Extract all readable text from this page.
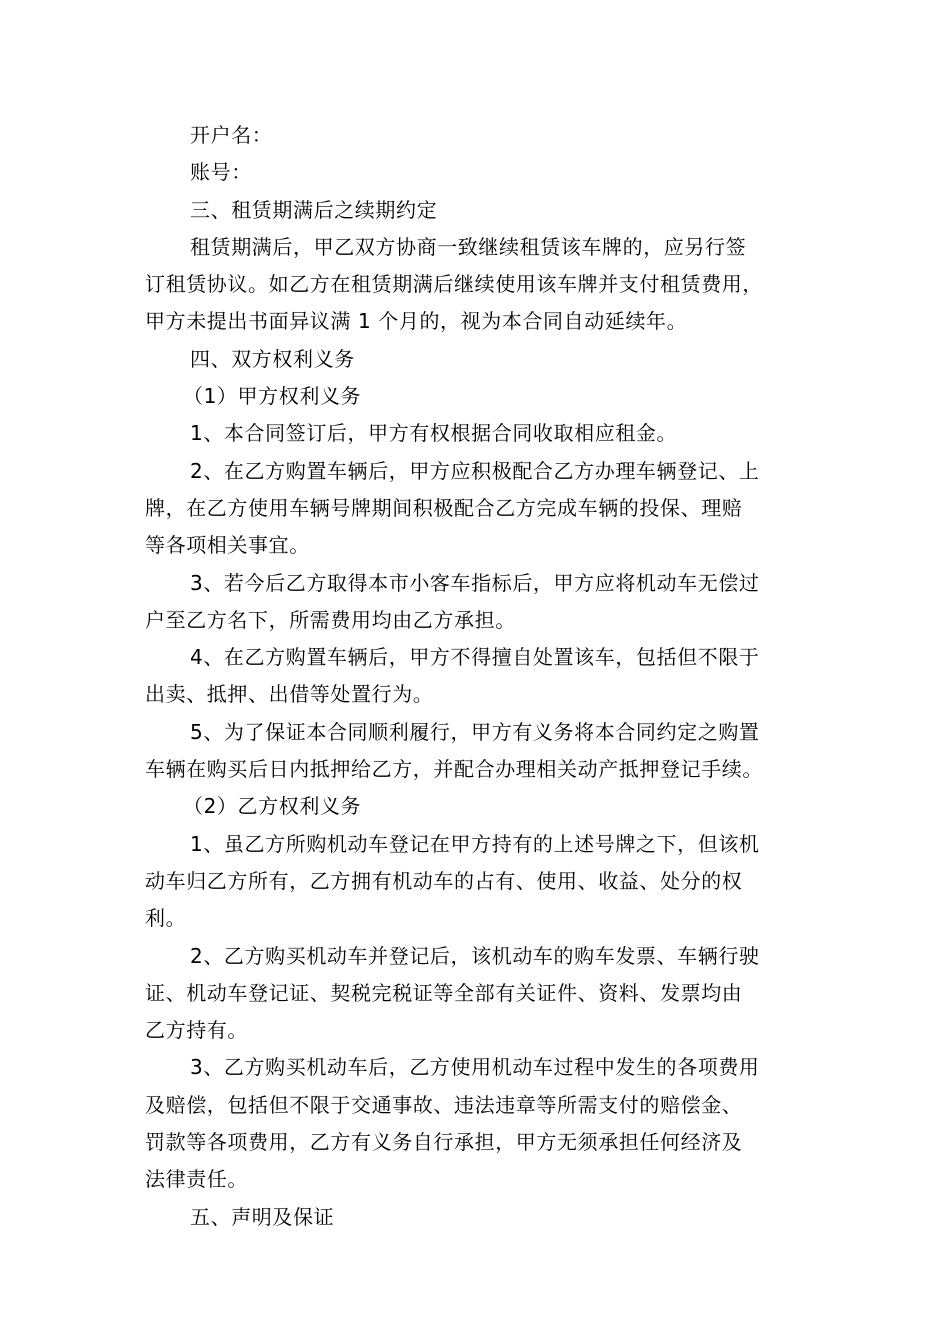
开户名：
账号：
三、租赁期满后之续期约定
租赁期满后，甲乙双方协商一致继续租赁该车牌的，应另行签
订租赁协议。如乙方在租赁期满后继续使用该车牌并支付租赁费用，
甲方未提出书面异议满 1 个月的，视为本合同自动延续年。
四、双方权利义务
（1）甲方权利义务
1、本合同签订后，甲方有权根据合同收取相应租金。
2、在乙方购置车辆后，甲方应积极配合乙方办理车辆登记、上
牌，在乙方使用车辆号牌期间积极配合乙方完成车辆的投保、理赔
等各项相关事宜。
3、若今后乙方取得本市小客车指标后，甲方应将机动车无偿过
户至乙方名下，所需费用均由乙方承担。
4、在乙方购置车辆后，甲方不得擅自处置该车，包括但不限于
出卖、抵押、出借等处置行为。
5、为了保证本合同顺利履行，甲方有义务将本合同约定之购置
车辆在购买后日内抵押给乙方，并配合办理相关动产抵押登记手续。
（2）乙方权利义务
1、虽乙方所购机动车登记在甲方持有的上述号牌之下，但该机
动车归乙方所有，乙方拥有机动车的占有、使用、收益、处分的权
利。
2、乙方购买机动车并登记后，该机动车的购车发票、车辆行驶
证、机动车登记证、契税完税证等全部有关证件、资料、发票均由
乙方持有。
3、乙方购买机动车后，乙方使用机动车过程中发生的各项费用
及赔偿，包括但不限于交通事故、违法违章等所需支付的赔偿金、
罚款等各项费用，乙方有义务自行承担，甲方无须承担任何经济及
法律责任。
五、声明及保证
